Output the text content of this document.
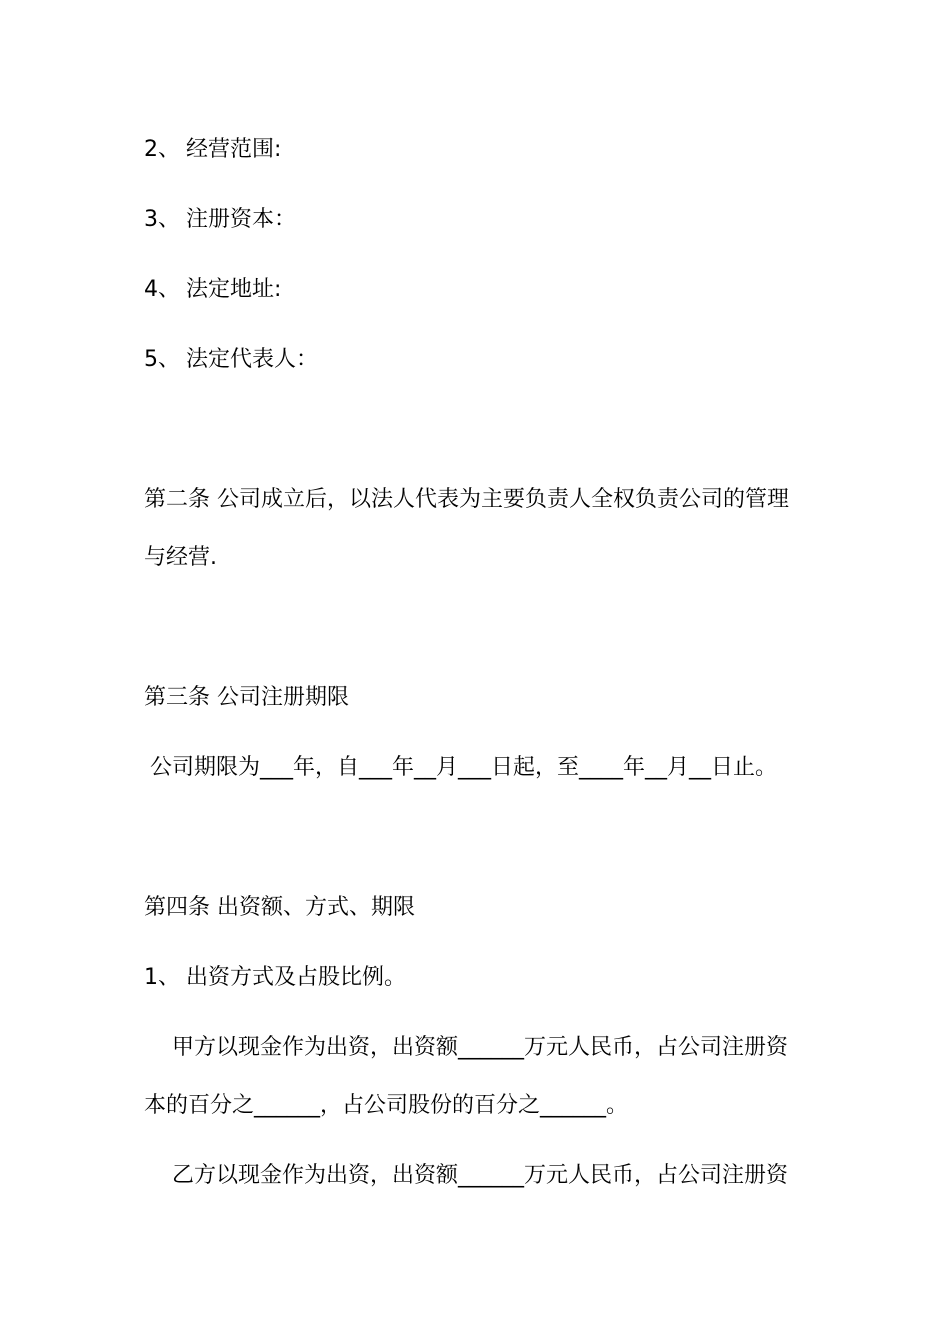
2、 经营范围:
3、 注册资本：
4、 法定地址:
5、 法定代表人：
第二条 公司成立后，以法人代表为主要负责人全权负责公司的管理
与经营.
第三条 公司注册期限
公司期限为___年，自___年__月___日起，至____年__月__日止。
第四条 出资额、方式、期限
1、 出资方式及占股比例。
甲方以现金作为出资，出资额______万元人民币，占公司注册资
本的百分之______，占公司股份的百分之______。
乙方以现金作为出资，出资额______万元人民币，占公司注册资
